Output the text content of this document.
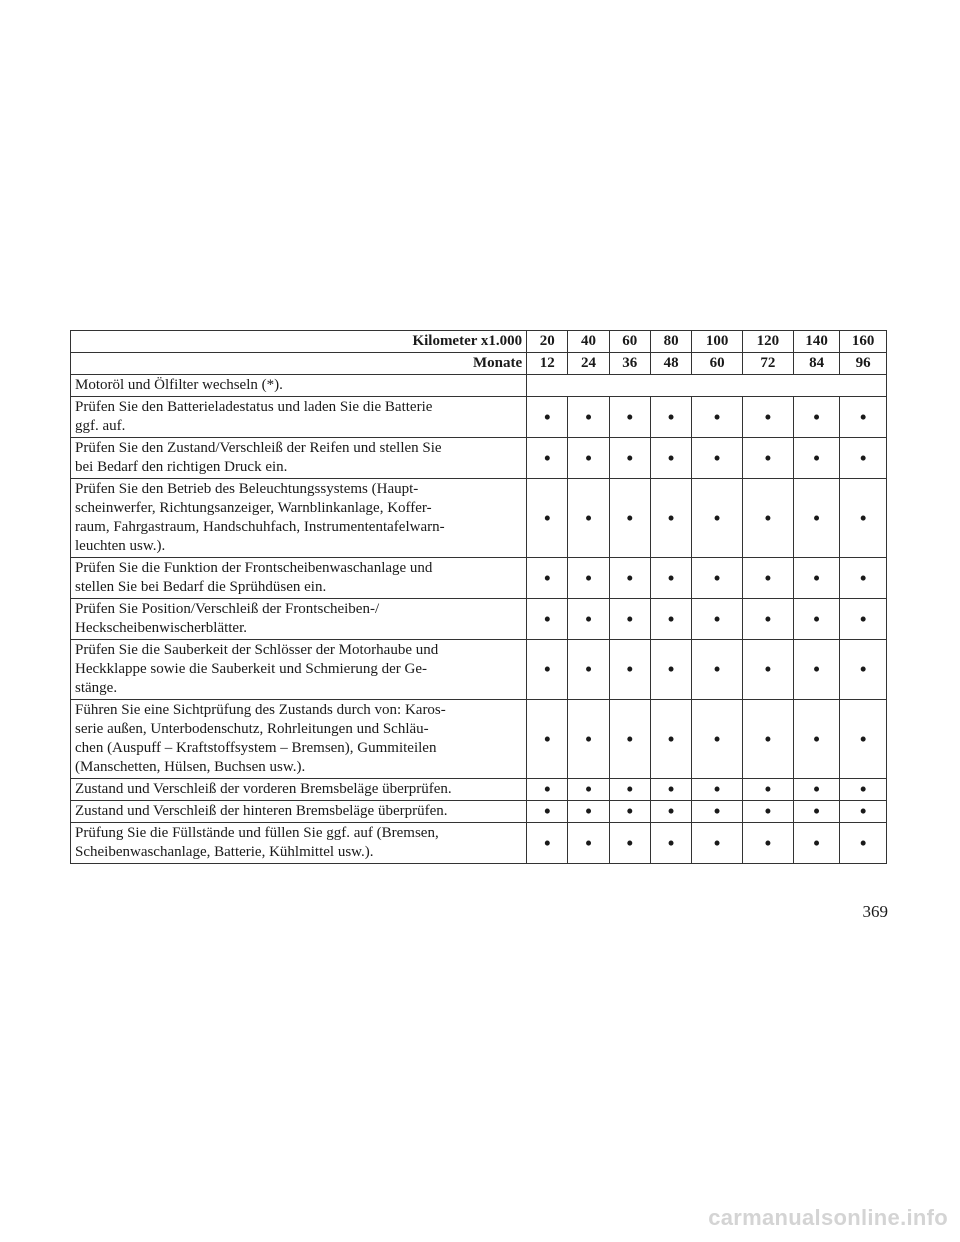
Kilometer x1.000	20	40	60	80	100	120	140	160
Monate	12	24	36	48	60	72	84	96
Motoröl und Ölfilter wechseln (*).								
Prüfen Sie den Batterieladestatus und laden Sie die Batterie
ggf. auf.	•	•	•	•	•	•	•	•
Prüfen Sie den Zustand/Verschleiß der Reifen und stellen Sie
bei Bedarf den richtigen Druck ein.	•	•	•	•	•	•	•	•
Prüfen Sie den Betrieb des Beleuchtungssystems (Haupt-
scheinwerfer, Richtungsanzeiger, Warnblinkanlage, Koffer-
raum, Fahrgastraum, Handschuhfach, Instrumententafelwarn-
leuchten usw.).	•	•	•	•	•	•	•	•
Prüfen Sie die Funktion der Frontscheibenwaschanlage und
stellen Sie bei Bedarf die Sprühdüsen ein.	•	•	•	•	•	•	•	•
Prüfen Sie Position/Verschleiß der Frontscheiben-/
Heckscheibenwischerblätter.	•	•	•	•	•	•	•	•
Prüfen Sie die Sauberkeit der Schlösser der Motorhaube und
Heckklappe sowie die Sauberkeit und Schmierung der Ge-
stänge.	•	•	•	•	•	•	•	•
Führen Sie eine Sichtprüfung des Zustands durch von: Karos-
serie außen, Unterbodenschutz, Rohrleitungen und Schläu-
chen (Auspuff – Kraftstoffsystem – Bremsen), Gummiteilen
(Manschetten, Hülsen, Buchsen usw.).	•	•	•	•	•	•	•	•
Zustand und Verschleiß der vorderen Bremsbeläge überprüfen.	•	•	•	•	•	•	•	•
Zustand und Verschleiß der hinteren Bremsbeläge überprüfen.	•	•	•	•	•	•	•	•
Prüfung Sie die Füllstände und füllen Sie ggf. auf (Bremsen,
Scheibenwaschanlage, Batterie, Kühlmittel usw.).	•	•	•	•	•	•	•	•
369
carmanualsonline.info
